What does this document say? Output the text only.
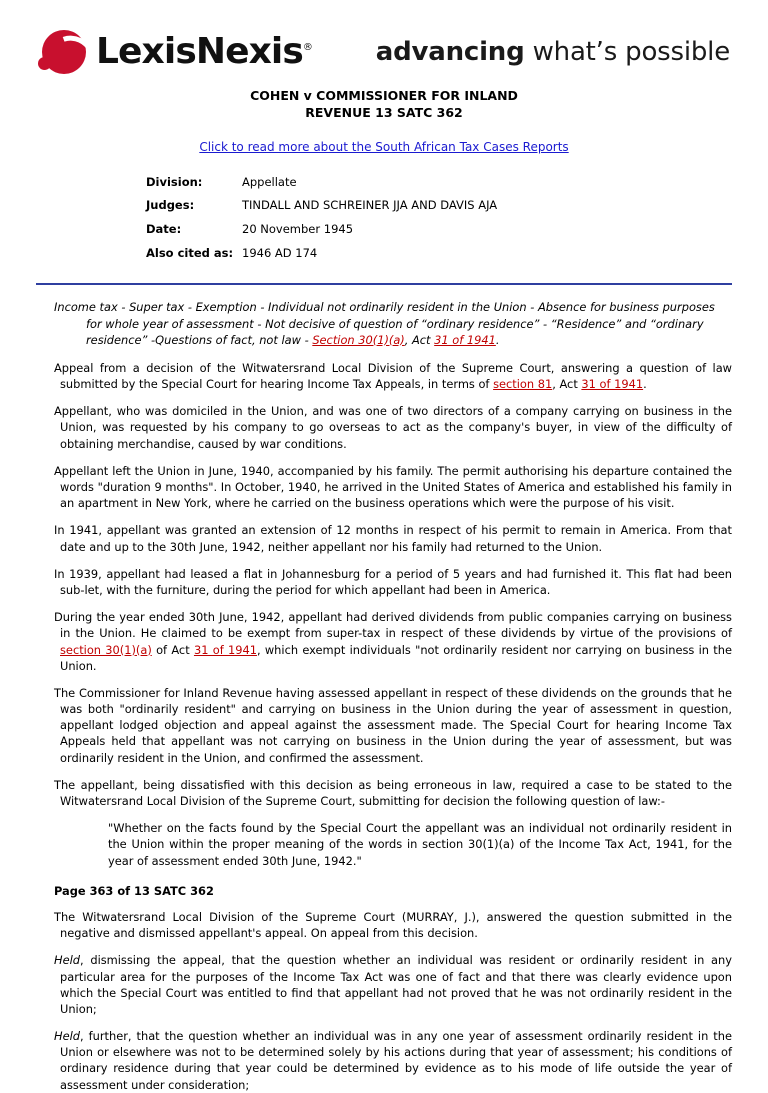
LexisNexis® advancing what’s possible
COHEN v COMMISSIONER FOR INLAND
REVENUE 13 SATC 362
Click to read more about the South African Tax Cases Reports
Division:	Appellate
Judges:	TINDALL AND SCHREINER JJA AND DAVIS AJA
Date:	20 November 1945
Also cited as: 1946 AD 174
Income tax - Super tax - Exemption - Individual not ordinarily resident in the Union - Absence for business purposes
for whole year of assessment - Not decisive of question of “ordinary residence” - “Residence” and “ordinary
residence” -Questions of fact, not law - Section 30(1)(a), Act 31 of 1941.

Appeal from a decision of the Witwatersrand Local Division of the Supreme Court, answering a question of law submitted by the Special Court for hearing Income Tax Appeals, in terms of section 81, Act 31 of 1941.

Appellant, who was domiciled in the Union, and was one of two directors of a company carrying on business in the Union, was requested by his company to go overseas to act as the company's buyer, in view of the difficulty of obtaining merchandise, caused by war conditions.

Appellant left the Union in June, 1940, accompanied by his family. The permit authorising his departure contained the words "duration 9 months". In October, 1940, he arrived in the United States of America and established his family in an apartment in New York, where he carried on the business operations which were the purpose of his visit.

In 1941, appellant was granted an extension of 12 months in respect of his permit to remain in America. From that date and up to the 30th June, 1942, neither appellant nor his family had returned to the Union.

In 1939, appellant had leased a flat in Johannesburg for a period of 5 years and had furnished it. This flat had been sub-let, with the furniture, during the period for which appellant had been in America.

During the year ended 30th June, 1942, appellant had derived dividends from public companies carrying on business in the Union. He claimed to be exempt from super-tax in respect of these dividends by virtue of the provisions of section 30(1)(a) of Act 31 of 1941, which exempt individuals "not ordinarily resident nor carrying on business in the Union.

The Commissioner for Inland Revenue having assessed appellant in respect of these dividends on the grounds that he was both "ordinarily resident" and carrying on business in the Union during the year of assessment in question, appellant lodged objection and appeal against the assessment made. The Special Court for hearing Income Tax Appeals held that appellant was not carrying on business in the Union during the year of assessment, but was ordinarily resident in the Union, and confirmed the assessment.

The appellant, being dissatisfied with this decision as being erroneous in law, required a case to be stated to the Witwatersrand Local Division of the Supreme Court, submitting for decision the following question of law:-

"Whether on the facts found by the Special Court the appellant was an individual not ordinarily resident in the Union within the proper meaning of the words in section 30(1)(a) of the Income Tax Act, 1941, for the year of assessment ended 30th June, 1942."
Page 363 of 13 SATC 362

The Witwatersrand Local Division of the Supreme Court (MURRAY, J.), answered the question submitted in the negative and dismissed appellant's appeal. On appeal from this decision.

Held, dismissing the appeal, that the question whether an individual was resident or ordinarily resident in any particular area for the purposes of the Income Tax Act was one of fact and that there was clearly evidence upon which the Special Court was entitled to find that appellant had not proved that he was not ordinarily resident in the Union;

Held, further, that the question whether an individual was in any one year of assessment ordinarily resident in the Union or elsewhere was not to be determined solely by his actions during that year of assessment; his conditions of ordinary residence during that year could be determined by evidence as to his mode of life outside the year of assessment under consideration;
